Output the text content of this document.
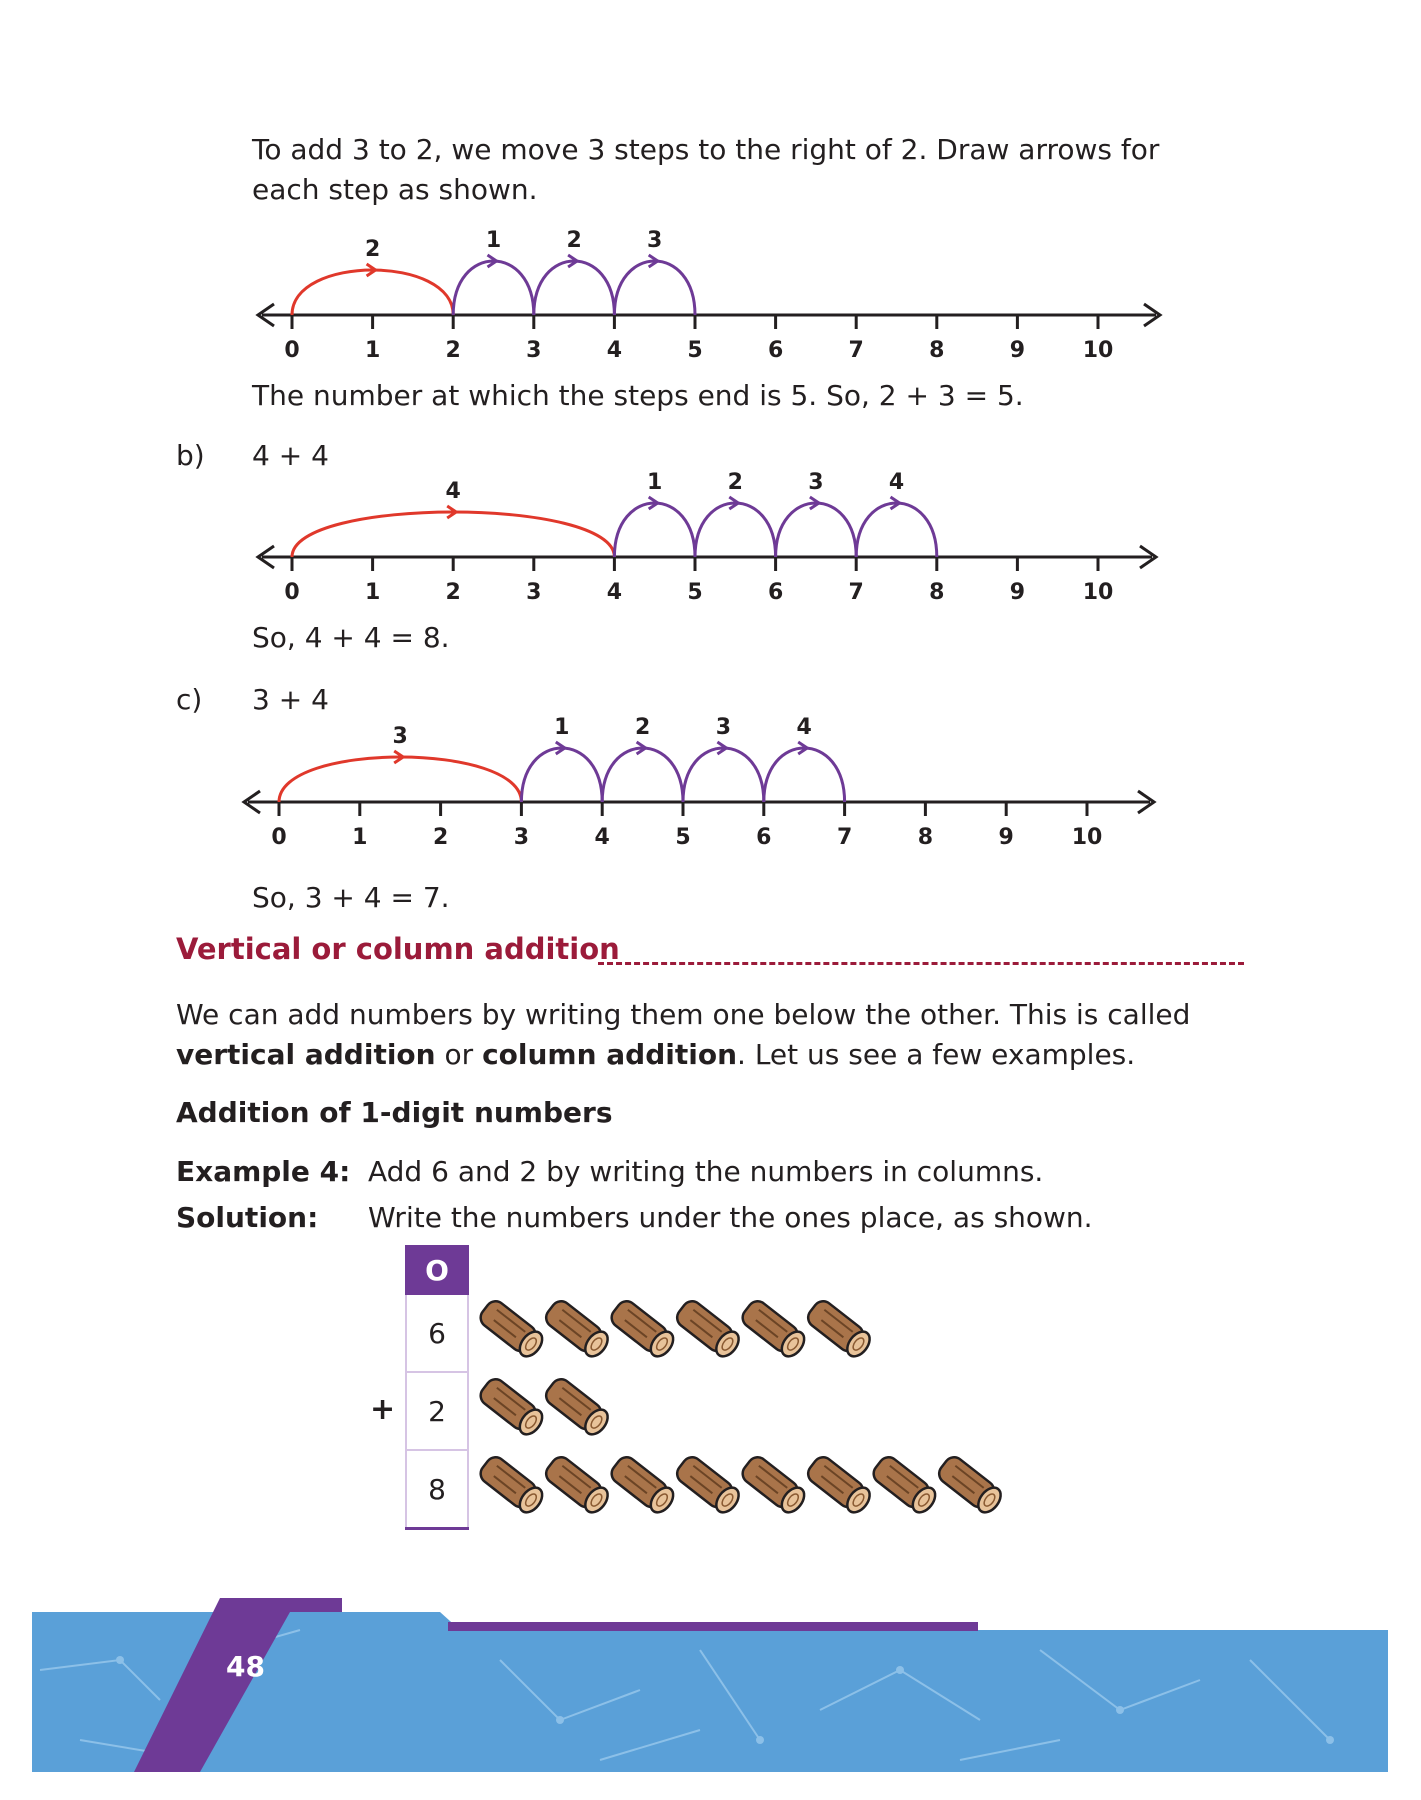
To add 3 to 2, we move 3 steps to the right of 2. Draw arrows for
each step as shown.
0	1	2	3	4	5	6	7	8	9	10
2	1	2	3
The number at which the steps end is 5. So, 2 + 3 = 5.
b) 4 + 4
0	1	2	3	4	5	6	7	8	9	10
4	1	2	3	4
So, 4 + 4 = 8.
c) 3 + 4
0	1	2	3	4	5	6	7	8	9	10
3	1	2	3	4
So, 3 + 4 = 7.
Vertical or column addition
We can add numbers by writing them one below the other. This is called
vertical addition or column addition. Let us see a few examples.
Addition of 1-digit numbers
Example 4: Add 6 and 2 by writing the numbers in columns.
Solution: Write the numbers under the ones place, as shown.
O
6
2
8
+
48
